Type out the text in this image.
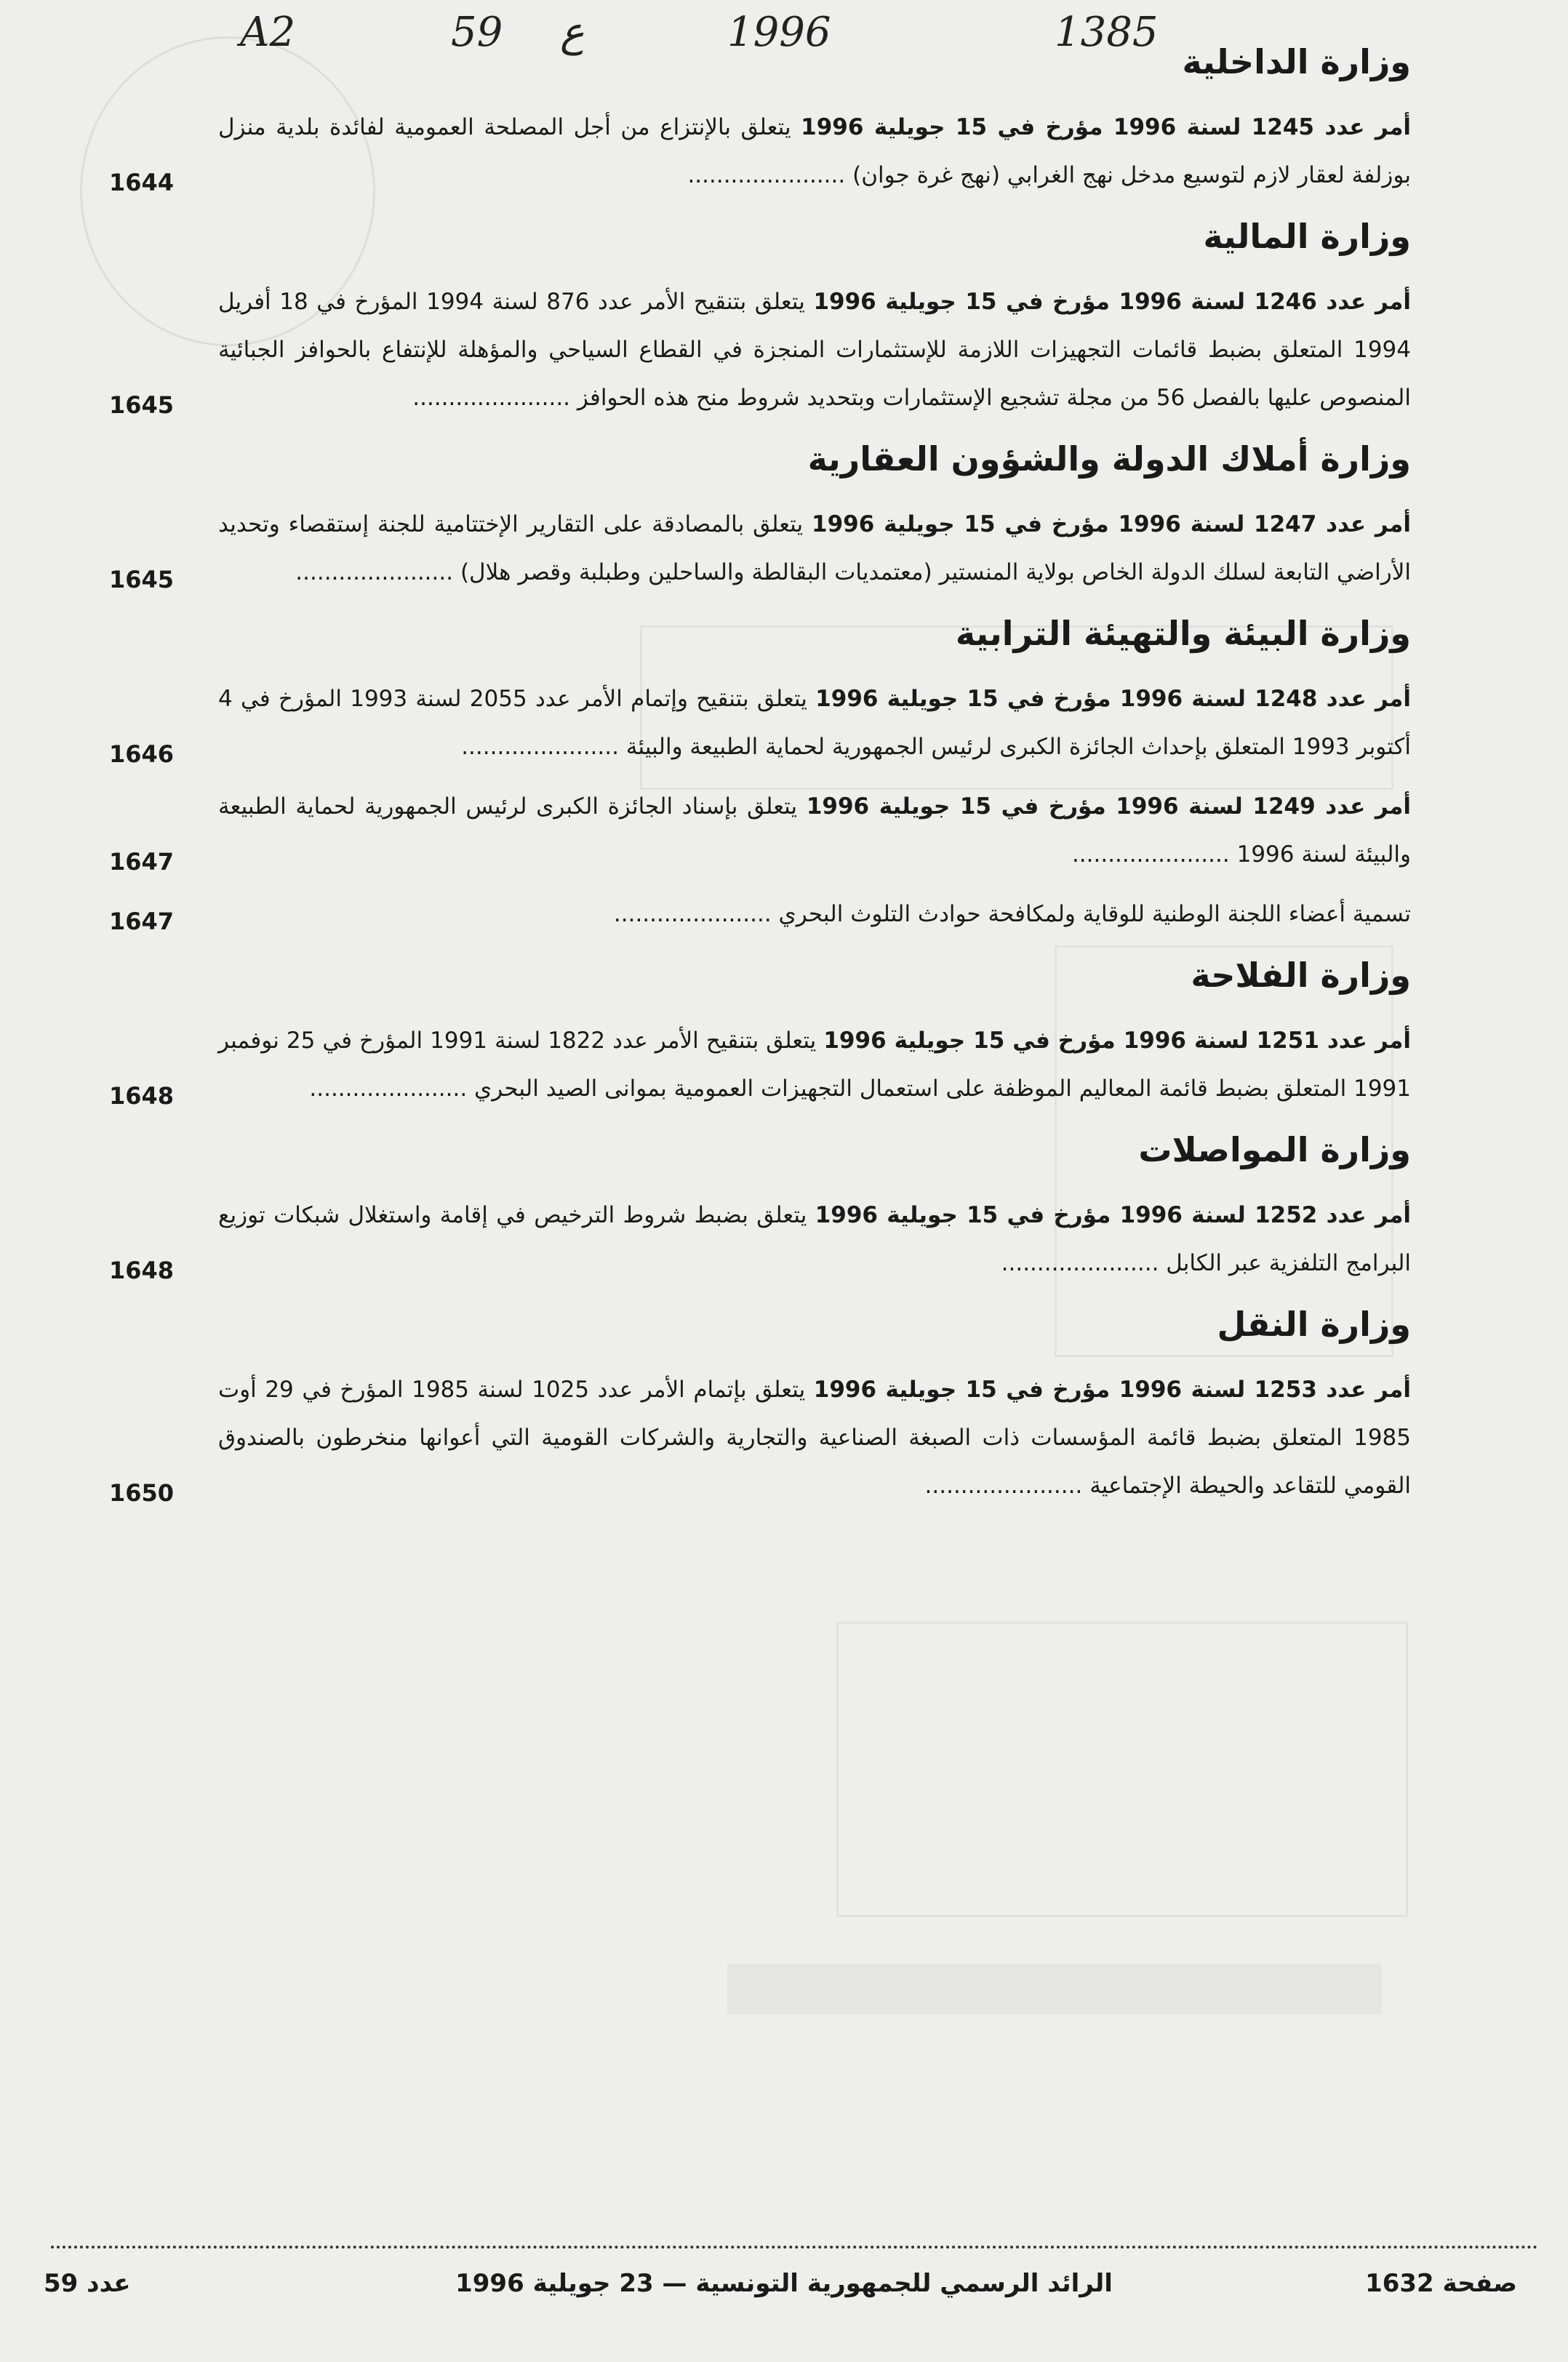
A2	59 ع	1996	1385
وزارة الداخلية
أمر عدد 1245 لسنة 1996 مؤرخ في 15 جويلية 1996 يتعلق بالإنتزاع من أجل المصلحة العمومية لفائدة بلدية منزل بوزلفة لعقار لازم لتوسيع مدخل نهج الغرابي (نهج غرة جوان) ......................
1644
وزارة المالية
أمر عدد 1246 لسنة 1996 مؤرخ في 15 جويلية 1996 يتعلق بتنقيح الأمر عدد 876 لسنة 1994 المؤرخ في 18 أفريل 1994 المتعلق بضبط قائمات التجهيزات اللازمة للإستثمارات المنجزة في القطاع السياحي والمؤهلة للإنتفاع بالحوافز الجبائية المنصوص عليها بالفصل 56 من مجلة تشجيع الإستثمارات وبتحديد شروط منح هذه الحوافز ......................
1645
وزارة أملاك الدولة والشؤون العقارية
أمر عدد 1247 لسنة 1996 مؤرخ في 15 جويلية 1996 يتعلق بالمصادقة على التقارير الإختتامية للجنة إستقصاء وتحديد الأراضي التابعة لسلك الدولة الخاص بولاية المنستير (معتمديات البقالطة والساحلين وطبلبة وقصر هلال) ......................
1645
وزارة البيئة والتهيئة الترابية
أمر عدد 1248 لسنة 1996 مؤرخ في 15 جويلية 1996 يتعلق بتنقيح وإتمام الأمر عدد 2055 لسنة 1993 المؤرخ في 4 أكتوبر 1993 المتعلق بإحداث الجائزة الكبرى لرئيس الجمهورية لحماية الطبيعة والبيئة ......................
1646
أمر عدد 1249 لسنة 1996 مؤرخ في 15 جويلية 1996 يتعلق بإسناد الجائزة الكبرى لرئيس الجمهورية لحماية الطبيعة والبيئة لسنة 1996 ......................
1647
تسمية أعضاء اللجنة الوطنية للوقاية ولمكافحة حوادث التلوث البحري ......................
1647
وزارة الفلاحة
أمر عدد 1251 لسنة 1996 مؤرخ في 15 جويلية 1996 يتعلق بتنقيح الأمر عدد 1822 لسنة 1991 المؤرخ في 25 نوفمبر 1991 المتعلق بضبط قائمة المعاليم الموظفة على استعمال التجهيزات العمومية بموانى الصيد البحري ......................
1648
وزارة المواصلات
أمر عدد 1252 لسنة 1996 مؤرخ في 15 جويلية 1996 يتعلق بضبط شروط الترخيص في إقامة واستغلال شبكات توزيع البرامج التلفزية عبر الكابل ......................
1648
وزارة النقل
أمر عدد 1253 لسنة 1996 مؤرخ في 15 جويلية 1996 يتعلق بإتمام الأمر عدد 1025 لسنة 1985 المؤرخ في 29 أوت 1985 المتعلق بضبط قائمة المؤسسات ذات الصبغة الصناعية والتجارية والشركات القومية التي أعوانها منخرطون بالصندوق القومي للتقاعد والحيطة الإجتماعية ......................
1650
صفحة 1632
الرائد الرسمي للجمهورية التونسية — 23 جويلية 1996
عدد 59
